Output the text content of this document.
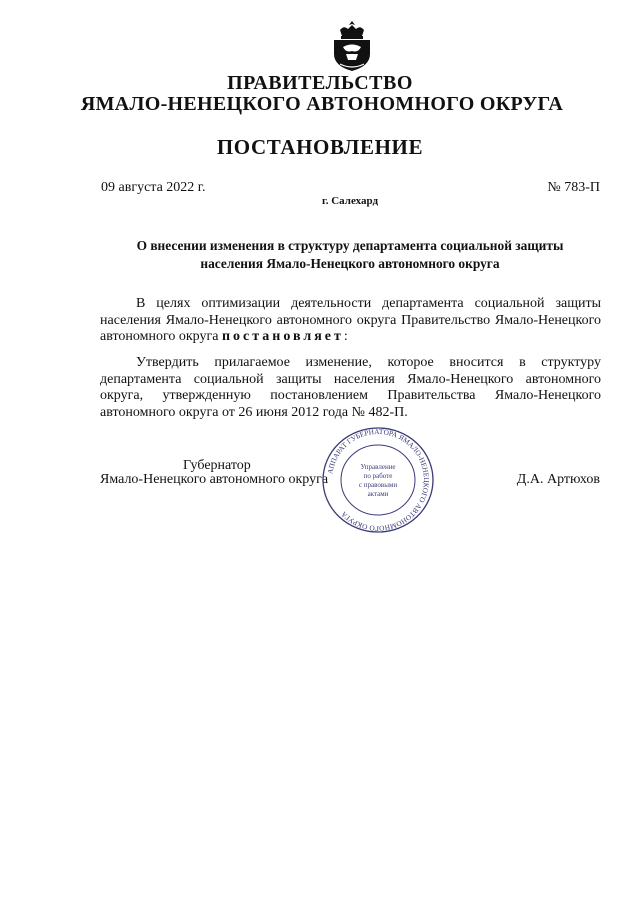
ПРАВИТЕЛЬСТВО
ЯМАЛО-НЕНЕЦКОГО АВТОНОМНОГО ОКРУГА
ПОСТАНОВЛЕНИЕ
09 августа 2022 г.	№ 783-П
г. Салехард
О внесении изменения в структуру департамента социальной защиты
населения Ямало-Ненецкого автономного округа

В целях оптимизации деятельности департамента социальной защиты населения Ямало-Ненецкого автономного округа Правительство Ямало-Ненецкого автономного округа постановляет:

Утвердить прилагаемое изменение, которое вносится в структуру департамента социальной защиты населения Ямало-Ненецкого автономного округа, утвержденную постановлением Правительства Ямало-Ненецкого автономного округа от 26 июня 2012 года № 482-П.

Губернатор
Ямало-Ненецкого автономного округа	Д.А. Артюхов
АППАРАТ ГУБЕРНАТОРА ЯМАЛО-НЕНЕЦКОГО АВТОНОМНОГО ОКРУГА
Управление
по работе
с правовыми
актами
